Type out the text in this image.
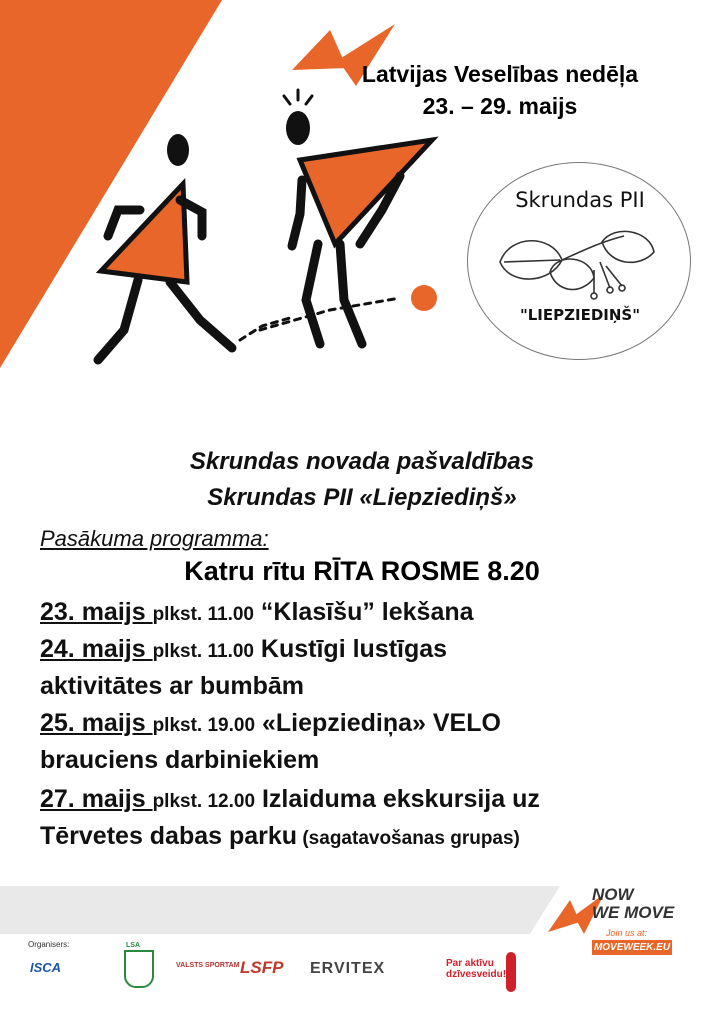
Latvijas Veselības nedēļa
23. – 29. maijs
Skrundas PII
"LIEPZIEDIŅŠ"
Skrundas novada pašvaldības
Skrundas PII «Liepziediņš»
Pasākuma programma:
Katru rītu RĪTA ROSME 8.20
23. maijs plkst. 11.00 “Klasīšu” lekšana
24. maijs plkst. 11.00 Kustīgi lustīgas
aktivitātes ar bumbām
25. maijs plkst. 19.00 «Liepziediņa» VELO
brauciens darbiniekiem
27. maijs plkst. 12.00 Izlaiduma ekskursija uz
Tērvetes dabas parku (sagatavošanas grupas)
NOW
WE MOVE
Join us at:
MOVEWEEK.EU
Organisers:
ISCA
LSA
VALSTS SPORTAM LSFP ERVITEX	Par aktīvu dzīvesveidu!
